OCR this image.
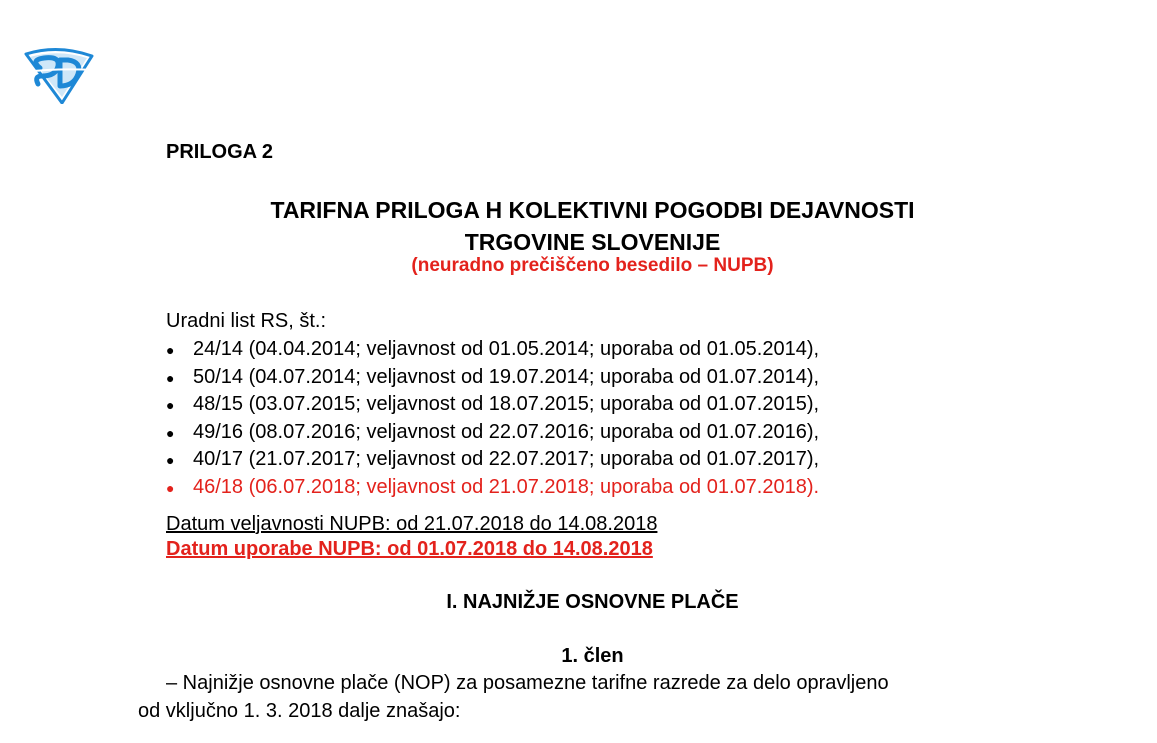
PRILOGA 2
TARIFNA PRILOGA H KOLEKTIVNI POGODBI DEJAVNOSTI
TRGOVINE SLOVENIJE
(neuradno prečiščeno besedilo – NUPB)
Uradni list RS, št.:
● 24/14 (04.04.2014; veljavnost od 01.05.2014; uporaba od 01.05.2014),
● 50/14 (04.07.2014; veljavnost od 19.07.2014; uporaba od 01.07.2014),
● 48/15 (03.07.2015; veljavnost od 18.07.2015; uporaba od 01.07.2015),
● 49/16 (08.07.2016; veljavnost od 22.07.2016; uporaba od 01.07.2016),
● 40/17 (21.07.2017; veljavnost od 22.07.2017; uporaba od 01.07.2017),
● 46/18 (06.07.2018; veljavnost od 21.07.2018; uporaba od 01.07.2018).
Datum veljavnosti NUPB: od 21.07.2018 do 14.08.2018
Datum uporabe NUPB: od 01.07.2018 do 14.08.2018
I. NAJNIŽJE OSNOVNE PLAČE
1. člen
– Najnižje osnovne plače (NOP) za posamezne tarifne razrede za delo opravljeno
od vključno 1. 3. 2018 dalje znašajo:
